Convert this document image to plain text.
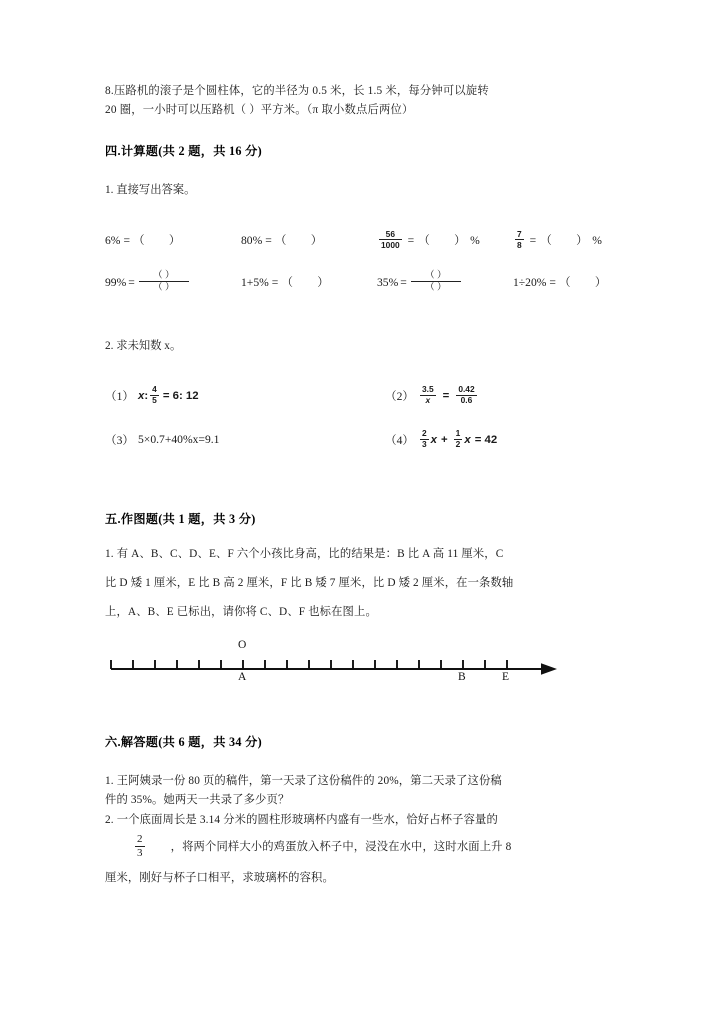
8.压路机的滚子是个圆柱体，它的半径为 0.5 米，长 1.5 米，每分钟可以旋转
20 圈，一小时可以压路机（ ）平方米。（π 取小数点后两位）
四.计算题(共 2 题，共 16 分)
1. 直接写出答案。
6% = （       ）	80% = （       ）	$\frac{56}{1000}$ = （       ） %	$\frac{7}{8}$ = （       ） %
$99\% = \frac{( )}{( )}$	1+5% = （       ）	$35\% = \frac{( )}{( )}$	1÷20% = （       ）
2. 求未知数 x。
（1） x : $\frac{4}{5} = 6$: 12	$(2) \frac{3.5}{x} = \frac{0.42}{0.6}$
（3） 5×0.7+40%x=9.1	$(4) \frac{2}{3}$ $x + \frac{1}{2}$ x = 42
五.作图题(共 1 题，共 3 分)
1. 有 A、B、C、D、E、F 六个小孩比身高，比的结果是：B 比 A 高 11 厘米，C
比 D 矮 1 厘米，E 比 B 高 2 厘米，F 比 B 矮 7 厘米，比 D 矮 2 厘米，在一条数轴
上，A、B、E 已标出，请你将 C、D、F 也标在图上。
O
A	B	E
六.解答题(共 6 题，共 34 分)
1. 王阿姨录一份 80 页的稿件，第一天录了这份稿件的 20%，第二天录了这份稿
件的 35%。她两天一共录了多少页？
2. 一个底面周长是 3.14 分米的圆柱形玻璃杯内盛有一些水，恰好占杯子容量的
$\frac{2}{3}$ ，将两个同样大小的鸡蛋放入杯子中，浸没在水中，这时水面上升 8
厘米，刚好与杯子口相平，求玻璃杯的容积。
